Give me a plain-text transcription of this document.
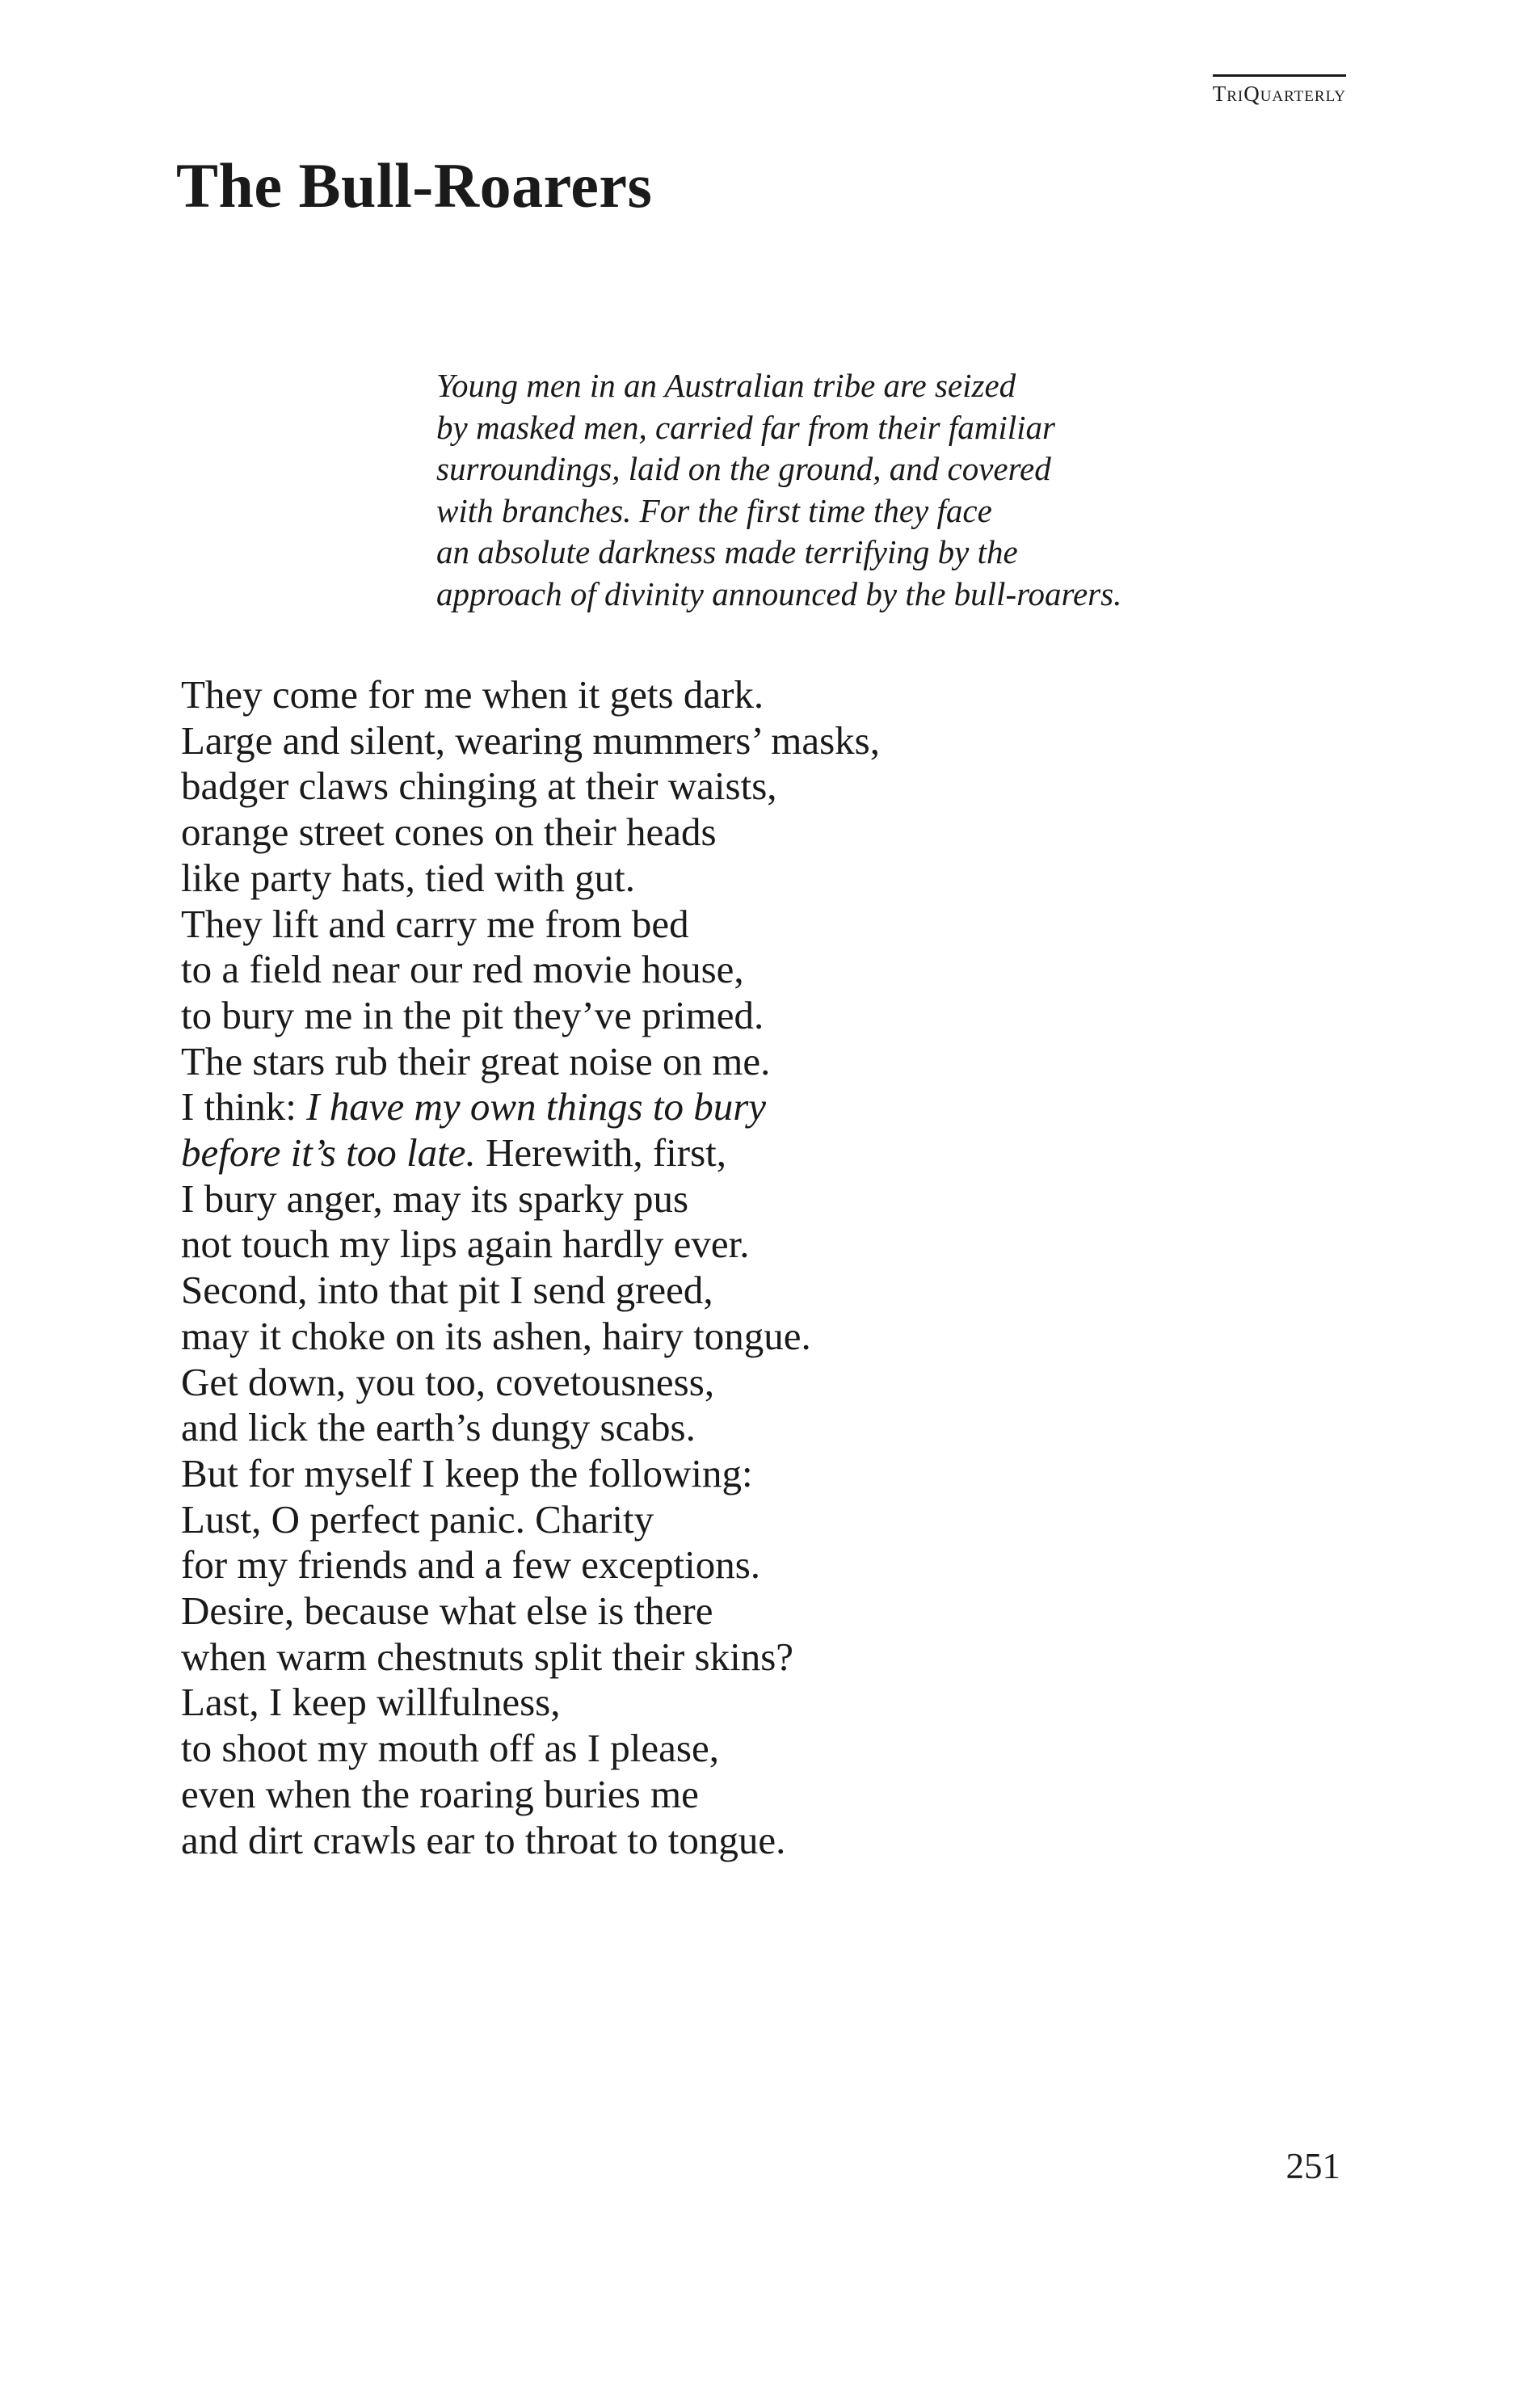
TriQuarterly
The Bull-Roarers
Young men in an Australian tribe are seized
by masked men, carried far from their familiar
surroundings, laid on the ground, and covered
with branches. For the first time they face
an absolute darkness made terrifying by the
approach of divinity announced by the bull-roarers.
They come for me when it gets dark.
Large and silent, wearing mummers’ masks,
badger claws chinging at their waists,
orange street cones on their heads
like party hats, tied with gut.
They lift and carry me from bed
to a field near our red movie house,
to bury me in the pit they’ve primed.
The stars rub their great noise on me.
I think: I have my own things to bury
before it’s too late. Herewith, first,
I bury anger, may its sparky pus
not touch my lips again hardly ever.
Second, into that pit I send greed,
may it choke on its ashen, hairy tongue.
Get down, you too, covetousness,
and lick the earth’s dungy scabs.
But for myself I keep the following:
Lust, O perfect panic. Charity
for my friends and a few exceptions.
Desire, because what else is there
when warm chestnuts split their skins?
Last, I keep willfulness,
to shoot my mouth off as I please,
even when the roaring buries me
and dirt crawls ear to throat to tongue.
251
